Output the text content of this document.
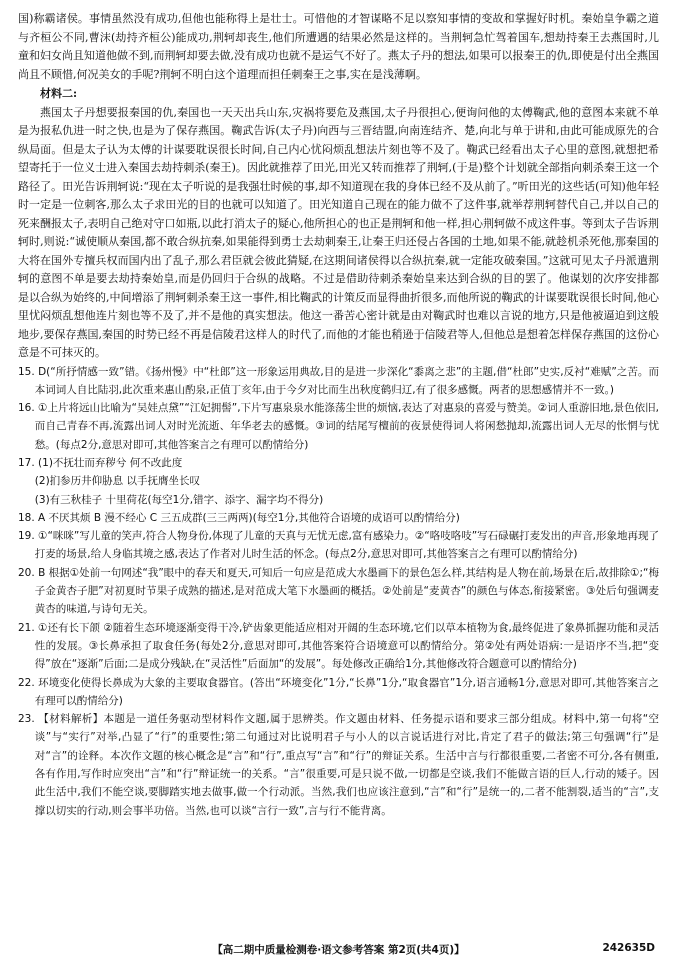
国)称霸诸侯。事情虽然没有成功,但他也能称得上是壮士。可惜他的才智谋略不足以察知事情的变故和掌握好时机。秦始皇争霸之道与齐桓公不同,曹沫(劫持齐桓公)能成功,荆轲却丧生,他们所遭遇的结果必然是这样的。当荆轲急忙驾着国车,想劫持秦王去燕国时,儿童和妇女尚且知道他做不到,而荆轲却要去做,没有成功也就不是运气不好了。燕太子丹的想法,如果可以报秦王的仇,即使是付出全燕国尚且不顾惜,何况美女的手呢?荆轲不明白这个道理而担任刺秦王之事,实在是浅薄啊。

材料二:

燕国太子丹想要报秦国的仇,秦国也一天天出兵山东,灾祸将要危及燕国,太子丹很担心,便询问他的太傅鞠武,他的意图本来就不单是为报私仇进一时之快,也是为了保存燕国。鞠武告诉(太子丹)向西与三晋结盟,向南连结齐、楚,向北与单于讲和,由此可能成原先的合纵局面。但是太子认为太傅的计谋要耽误很长时间,自己内心忧闷烦乱想法片刻也等不及了。鞠武已经看出太子心里的意图,就想把希望寄托于一位义士进入秦国去劫持刺杀(秦王)。因此就推荐了田光,田光又转而推荐了荆轲,(于是)整个计划就全部指向刺杀秦王这一个路径了。田光告诉荆轲说:“现在太子听说的是我强壮时候的事,却不知道现在我的身体已经不及从前了。”听田光的这些话(可知)他年轻时一定是一位刺客,那么太子求田光的目的也就可以知道了。田光知道自己现在的能力做不了这件事,就举荐荆轲替代自己,并以自己的死来酬报太子,表明自己绝对守口如瓶,以此打消太子的疑心,他所担心的也正是荆轲和他一样,担心荆轲做不成这件事。等到太子告诉荆轲时,则说:“诚使顺从秦国,都不敢合纵抗秦,如果能得到勇士去劫刺秦王,让秦王归还侵占各国的土地,如果不能,就趁机杀死他,那秦国的大将在国外专擅兵权而国内出了乱子,那么君臣就会彼此猜疑,在这期间诸侯得以合纵抗秦,就一定能攻破秦国。”这就可见太子丹派遣荆轲的意图不单是要去劫持秦始皇,而是仍回归于合纵的战略。不过是借助待刺杀秦始皇来达到合纵的目的罢了。他谋划的次序安排都是以合纵为始终的,中间增添了荆轲刺杀秦王这一事件,相比鞠武的计策反而显得曲折很多,而他所说的鞠武的计谋要耽误很长时间,他心里忧闷烦乱想他连片刻也等不及了,并不是他的真实想法。他这一番苦心密计就是由对鞠武时也难以言说的地方,只是他被逼迫到这般地步,要保存燕国,秦国的时势已经不再是信陵君这样人的时代了,而他的才能也稍逊于信陵君等人,但他总是想着怎样保存燕国的这份心意是不可抹灭的。

15. D(“所抒情感一致”错。《扬州慢》中“杜郎”这一形象运用典故,目的是进一步深化“黍离之悲”的主题,借“杜郎”史实,反衬“难赋”之苦。而本词词人自比陆羽,此次重来惠山酌泉,正值丁亥年,由于今夕对比而生出秋度鹤归辽,有了很多感慨。两者的思想感情并不一致。)
16. ①上片将远山比喻为“吴娃点黛”“江妃拥髻”,下片写惠泉泉水能涤荡尘世的烦恼,表达了对惠泉的喜爱与赞美。②词人重游旧地,景色依旧,而自己青春不再,流露出词人对时光流逝、年华老去的感慨。③词的结尾写檀前的夜景使得词人将闲愁抛却,流露出词人无尽的怅惘与忧愁。(每点2分,意思对即可,其他答案言之有理可以酌情给分)
17. (1)不抚壮而弃秽兮 何不改此度
(2)扪参历井仰胁息 以手抚膺坐长叹
(3)有三秋桂子 十里荷花(每空1分,错字、添字、漏字均不得分)
18. A 不厌其烦 B 漫不经心 C 三五成群(三三两两)(每空1分,其他符合语境的成语可以酌情给分)
19. ①“咪咪”写儿童的笑声,符合人物身份,体现了儿童的天真与无忧无虑,富有感染力。②“咯吱咯吱”写石碌碾打麦发出的声音,形象地再现了打麦的场景,给人身临其境之感,表达了作者对儿时生活的怀念。(每点2分,意思对即可,其他答案言之有理可以酌情给分)
20. B 根据①处前一句网述“我”眼中的春天和夏天,可知后一句应是范成大水墨画下的景色怎么样,其结构是人物在前,场景在后,故排除①;“梅子金黄杏子肥”对初夏时节果子成熟的描述,是对范成大笔下水墨画的概括。②处前是“麦黄杏”的颜色与体态,衔接紧密。③处后句强调麦黄杏的味道,与诗句无关。
21. ①还有长下颌 ②随着生态环境逐渐变得干冷,铲齿象更能适应相对开阔的生态环境,它们以草本植物为食,最终促进了象鼻抓握功能和灵活性的发展。③长鼻承担了取食任务(每处2分,意思对即可,其他答案符合语境意可以酌情给分。第②处有两处语病:一是语序不当,把“变得”放在“逐渐”后面;二是成分残缺,在“灵活性”后面加“的发展”。每处修改正确给1分,其他修改符合题意可以酌情给分)
22. 环境变化使得长鼻成为大象的主要取食器官。(答出“环境变化”1分,“长鼻”1分,“取食器官”1分,语言通畅1分,意思对即可,其他答案言之有理可以酌情给分)
23. 【材料解析】本题是一道任务驱动型材料作文题,属于思辨类。作文题由材料、任务提示语和要求三部分组成。材料中,第一句将“空谈”与“实行”对举,凸显了“行”的重要性;第二句通过对比说明君子与小人的以言说话进行对比,肯定了君子的做法;第三句强调“行”是对“言”的诠释。本次作文题的核心概念是“言”和“行”,重点写“言”和“行”的辩证关系。生活中言与行都很重要,二者密不可分,各有侧重,各有作用,写作时应突出“言”和“行”辩证统一的关系。“言”很重要,可是只说不做,一切都是空谈,我们不能做言语的巨人,行动的矮子。因此生活中,我们不能空谈,要脚踏实地去做事,做一个行动派。当然,我们也应该注意到,“言”和“行”是统一的,二者不能割裂,适当的“言”,支撑以切实的行动,则会事半功倍。当然,也可以谈“言行一致”,言与行不能背离。
【高二期中质量检测卷·语文参考答案 第2页(共4页)】	242635D
